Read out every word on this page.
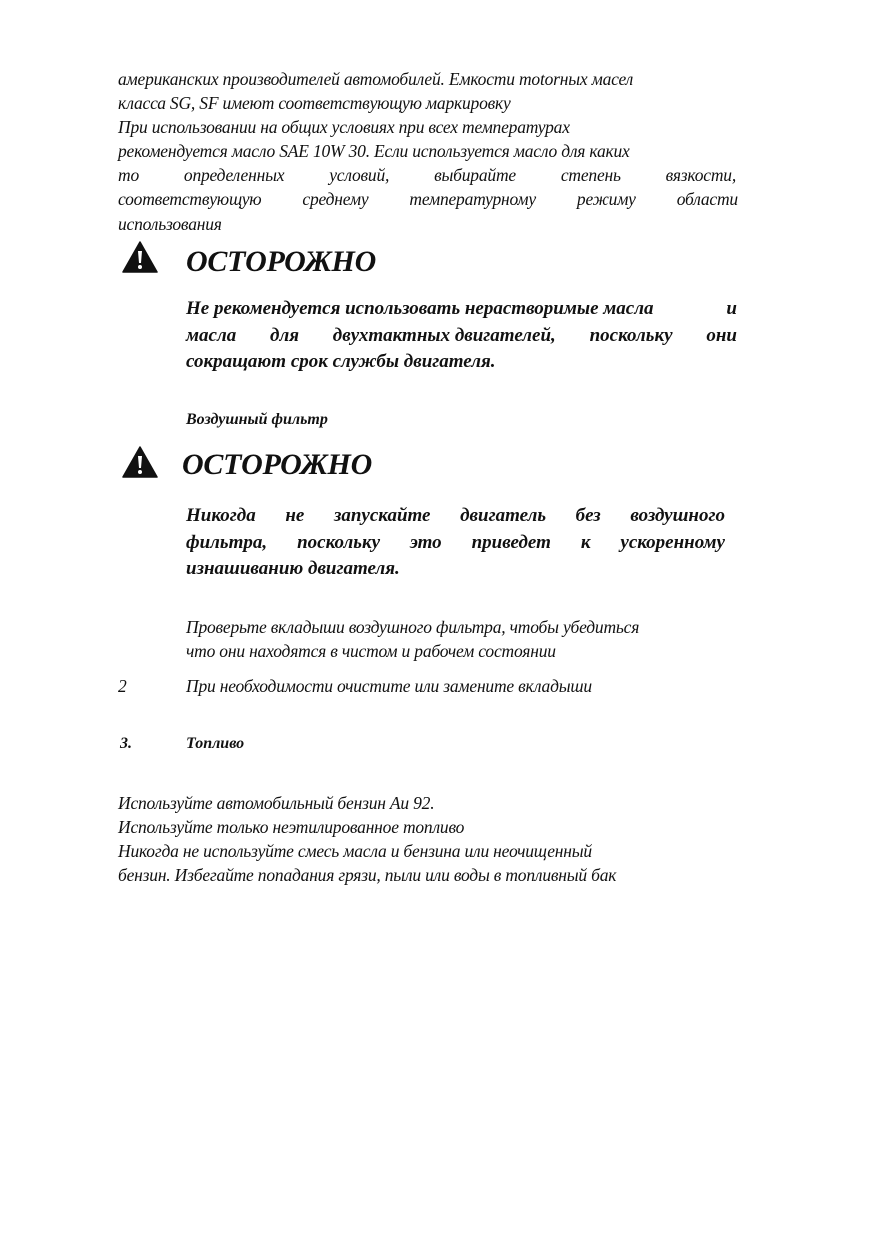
американских производителей автомобилей. Емкости motorных масел
класса SG, SF имеют соответствующую маркировку
При использовании на общих условиях при всех температурах
рекомендуется масло SAE 10W 30. Если используется масло для каких
то	определенных	условий,	выбирайте	степень	вязкости,
соответствующую среднему температурному режиму области
использования
ОСТОРОЖНО
Не рекомендуется использовать нерастворимые масла	и
масла для двухтактных двигателей, поскольку они
сокращают срок службы двигателя.
Воздушный фильтр
ОСТОРОЖНО
Никогда не запускайте двигатель без воздушного
фильтра, поскольку это приведет к ускоренному
изнашиванию двигателя.
Проверьте вкладыши воздушного фильтра, чтобы убедиться
что они находятся в чистом и рабочем состоянии
2	При необходимости очистите или замените вкладыши
3.	Топливо
Используйте автомобильный бензин Аи 92.
Используйте только неэтилированное топливо
Никогда не используйте смесь масла и бензина или неочищенный
бензин. Избегайте попадания грязи, пыли или воды в топливный бак
